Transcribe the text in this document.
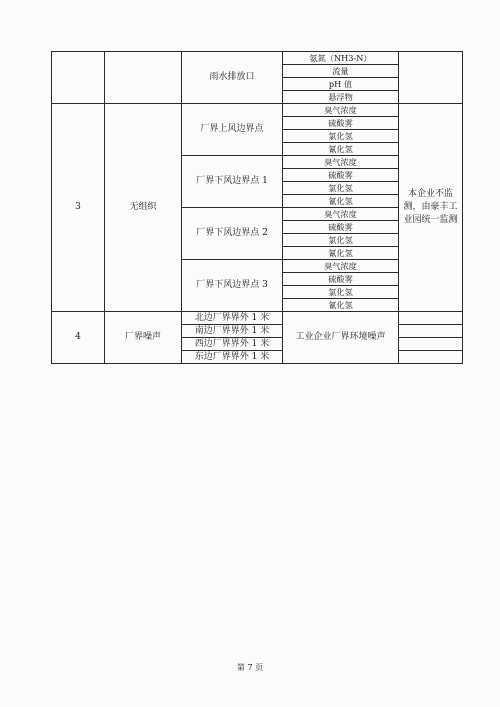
		雨水排放口	氨氮（NH3-N）	
			流量	
			pH 值	
			悬浮物	
3	无组织	厂界上风边界点	臭气浓度	本企业不监测，由豪丰工业园统一监测
			硫酸雾	
			氯化氢	
			氰化氢	
		厂界下风边界点 1	臭气浓度	
			硫酸雾	
			氯化氢	
			氰化氢	
		厂界下风边界点 2	臭气浓度	
			硫酸雾	
			氯化氢	
			氰化氢	
		厂界下风边界点 3	臭气浓度	
			硫酸雾	
			氯化氢	
			氰化氢	
4	厂界噪声	北边厂界界外 1 米	工业企业厂界环境噪声	
		南边厂界界外 1 米		
		西边厂界界外 1 米		
		东边厂界界外 1 米		
第 7 页
